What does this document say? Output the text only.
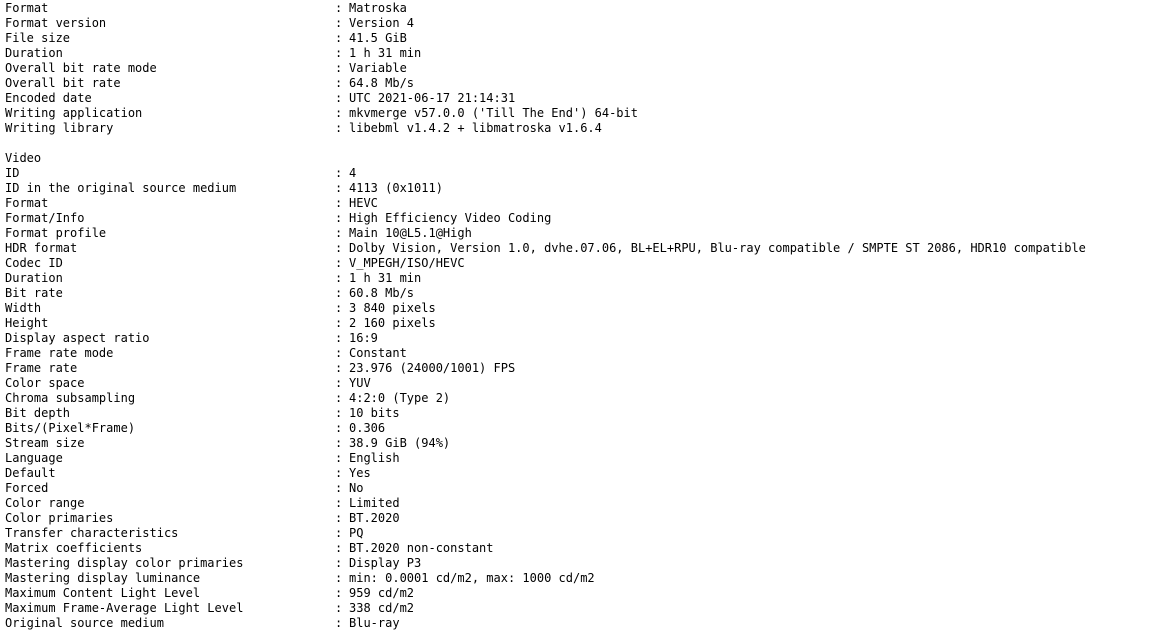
Format	: Matroska
Format version	: Version 4
File size	: 41.5 GiB
Duration	: 1 h 31 min
Overall bit rate mode	: Variable
Overall bit rate	: 64.8 Mb/s
Encoded date	: UTC 2021-06-17 21:14:31
Writing application	: mkvmerge v57.0.0 ('Till The End') 64-bit
Writing library	: libebml v1.4.2 + libmatroska v1.6.4

Video

ID	: 4
ID in the original source medium	: 4113 (0x1011)
Format	: HEVC
Format/Info	: High Efficiency Video Coding
Format profile	: Main 10@L5.1@High
HDR format	: Dolby Vision, Version 1.0, dvhe.07.06, BL+EL+RPU, Blu-ray compatible / SMPTE ST 2086, HDR10 compatible
Codec ID	: V_MPEGH/ISO/HEVC
Duration	: 1 h 31 min
Bit rate	: 60.8 Mb/s
Width	: 3 840 pixels
Height	: 2 160 pixels
Display aspect ratio	: 16:9
Frame rate mode	: Constant
Frame rate	: 23.976 (24000/1001) FPS
Color space	: YUV
Chroma subsampling	: 4:2:0 (Type 2)
Bit depth	: 10 bits
Bits/(Pixel*Frame)	: 0.306
Stream size	: 38.9 GiB (94%)
Language	: English
Default	: Yes
Forced	: No
Color range	: Limited
Color primaries	: BT.2020
Transfer characteristics	: PQ
Matrix coefficients	: BT.2020 non-constant
Mastering display color primaries	: Display P3
Mastering display luminance	: min: 0.0001 cd/m2, max: 1000 cd/m2
Maximum Content Light Level	: 959 cd/m2
Maximum Frame-Average Light Level	: 338 cd/m2
Original source medium	: Blu-ray
